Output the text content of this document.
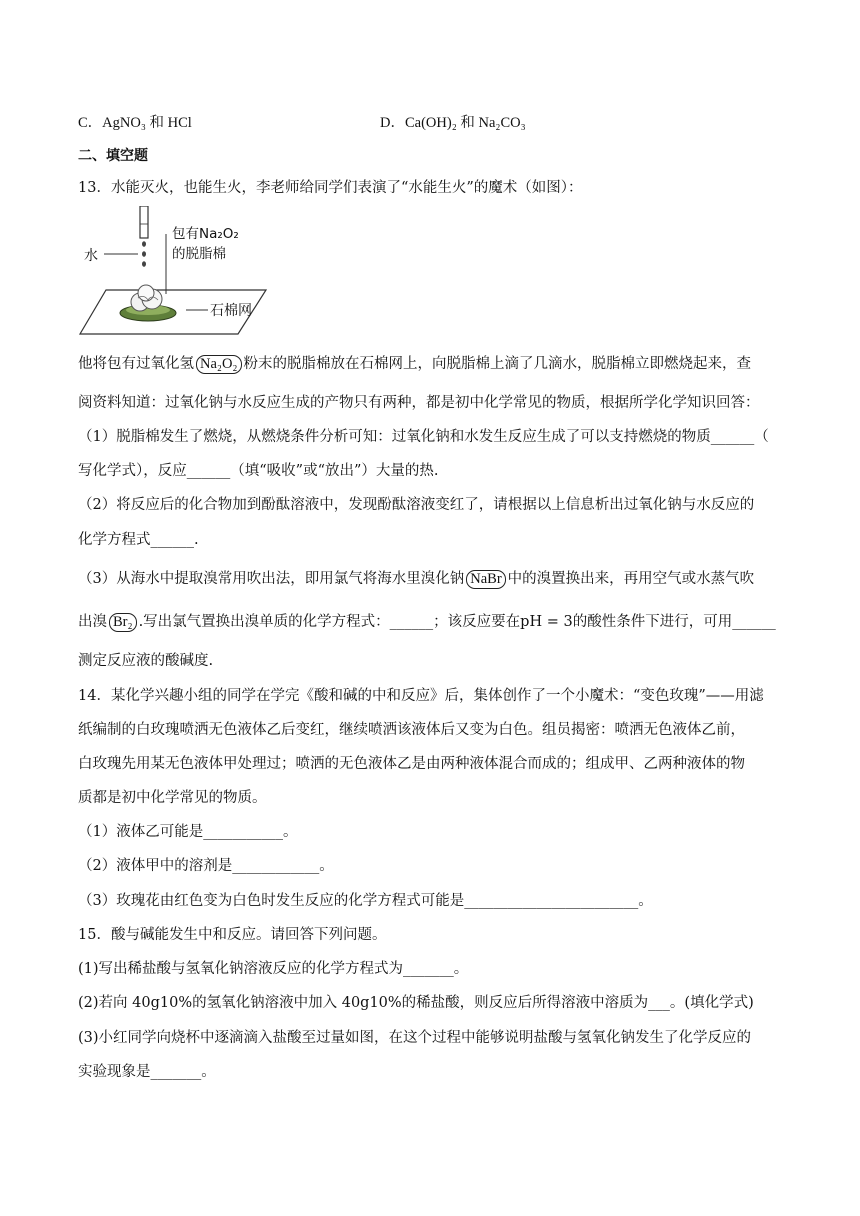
C．AgNO₃ 和 HCl	D．Ca(OH)₂ 和 Na₂CO₃
二、填空题
13．水能灭火，也能生火，李老师给同学们表演了“水能生火”的魔术（如图）：
水
包有Na₂O₂
的脱脂棉
石棉网
他将包有过氧化氢 Na₂O₂ 粉末的脱脂棉放在石棉网上，向脱脂棉上滴了几滴水，脱脂棉立即燃烧起来，查
阅资料知道：过氧化钠与水反应生成的产物只有两种，都是初中化学常见的物质，根据所学化学知识回答：
（1）脱脂棉发生了燃烧，从燃烧条件分析可知：过氧化钠和水发生反应生成了可以支持燃烧的物质______（
写化学式），反应______（填“吸收”或“放出”）大量的热.
（2）将反应后的化合物加到酚酞溶液中，发现酚酞溶液变红了，请根据以上信息析出过氧化钠与水反应的
化学方程式______.
（3）从海水中提取溴常用吹出法，即用氯气将海水里溴化钠 NaBr 中的溴置换出来，再用空气或水蒸气吹
出溴 Br₂ .写出氯气置换出溴单质的化学方程式：______；该反应要在pH = 3的酸性条件下进行，可用______
测定反应液的酸碱度.
14．某化学兴趣小组的同学在学完《酸和碱的中和反应》后，集体创作了一个小魔术：“变色玫瑰”——用滤
纸编制的白玫瑰喷洒无色液体乙后变红，继续喷洒该液体后又变为白色。组员揭密：喷洒无色液体乙前，
白玫瑰先用某无色液体甲处理过；喷洒的无色液体乙是由两种液体混合而成的；组成甲、乙两种液体的物
质都是初中化学常见的物质。
（1）液体乙可能是___________。
（2）液体甲中的溶剂是____________。
（3）玫瑰花由红色变为白色时发生反应的化学方程式可能是________________________。
15．酸与碱能发生中和反应。请回答下列问题。
(1)写出稀盐酸与氢氧化钠溶液反应的化学方程式为_______。
(2)若向 40g10%的氢氧化钠溶液中加入 40g10%的稀盐酸，则反应后所得溶液中溶质为___。(填化学式)
(3)小红同学向烧杯中逐滴滴入盐酸至过量如图，在这个过程中能够说明盐酸与氢氧化钠发生了化学反应的
实验现象是_______。
